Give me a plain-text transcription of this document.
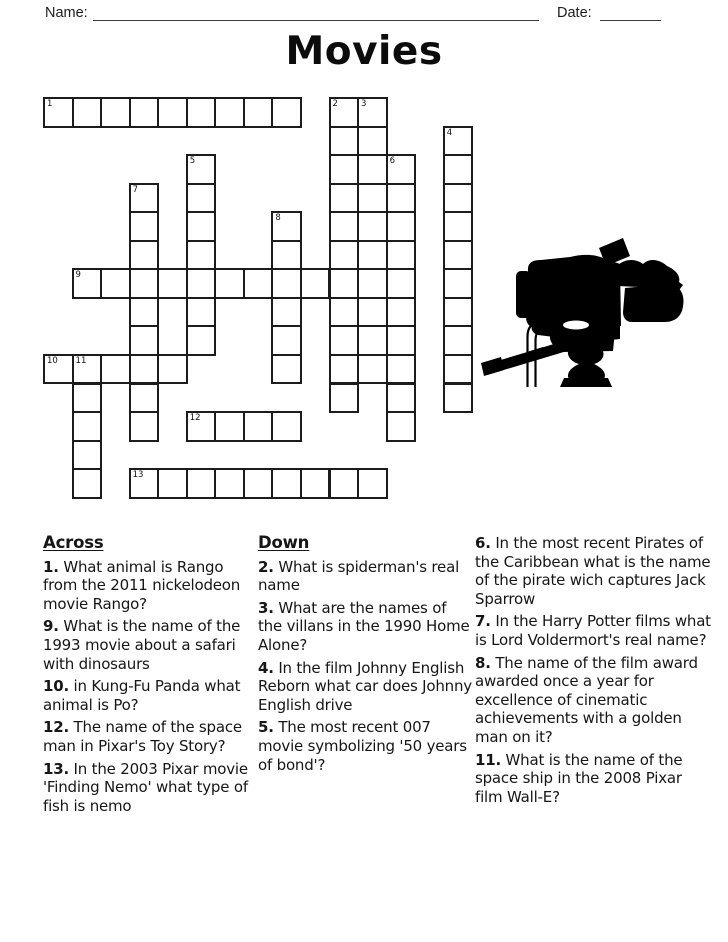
Name:	Date:
Movies
1	2	3
4
5	6
7
8
9
10 11
12
13

Across

1. What animal is Rango from the 2011 nickelodeon movie Rango?

9. What is the name of the 1993 movie about a safari with dinosaurs

10. in Kung-Fu Panda what animal is Po?

12. The name of the space man in Pixar's Toy Story?

13. In the 2003 Pixar movie 'Finding Nemo' what type of fish is nemo

Down

2. What is spiderman's real name

3. What are the names of the villans in the 1990 Home Alone?

4. In the film Johnny English Reborn what car does Johnny English drive

5. The most recent 007 movie symbolizing '50 years of bond'?

6. In the most recent Pirates of the Caribbean what is the name of the pirate wich captures Jack Sparrow

7. In the Harry Potter films what is Lord Voldermort's real name?

8. The name of the film award awarded once a year for excellence of cinematic achievements with a golden man on it?

11. What is the name of the space ship in the 2008 Pixar film Wall-E?
